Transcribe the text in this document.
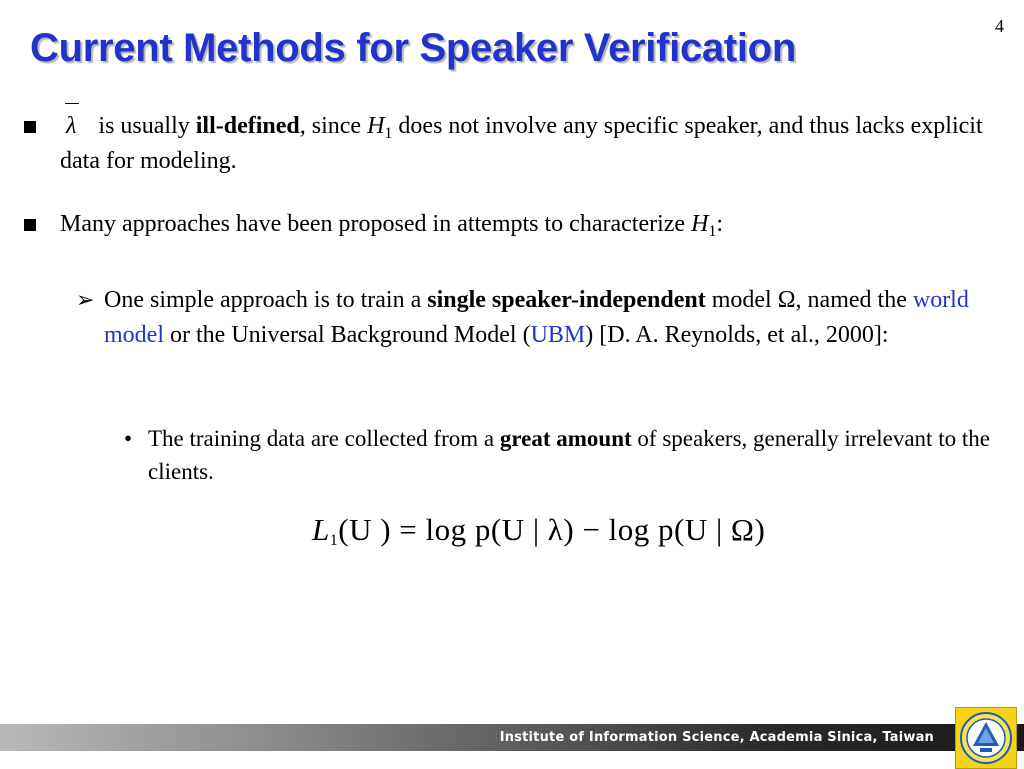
4
Current Methods for Speaker Verification
λ is usually ill-defined, since $H_1$ does not involve any specific speaker, and thus lacks explicit data for modeling.
Many approaches have been proposed in attempts to characterize $H_1$:
➢ One simple approach is to train a single speaker-independent model Ω, named the world model or the Universal Background Model (UBM) [D. A. Reynolds, et al., 2000]:
• The training data are collected from a great amount of speakers, generally irrelevant to the clients.
$L_1(U$ ) = log p(U | λ) − log p(U | Ω)
Institute of Information Science, Academia Sinica, Taiwan
